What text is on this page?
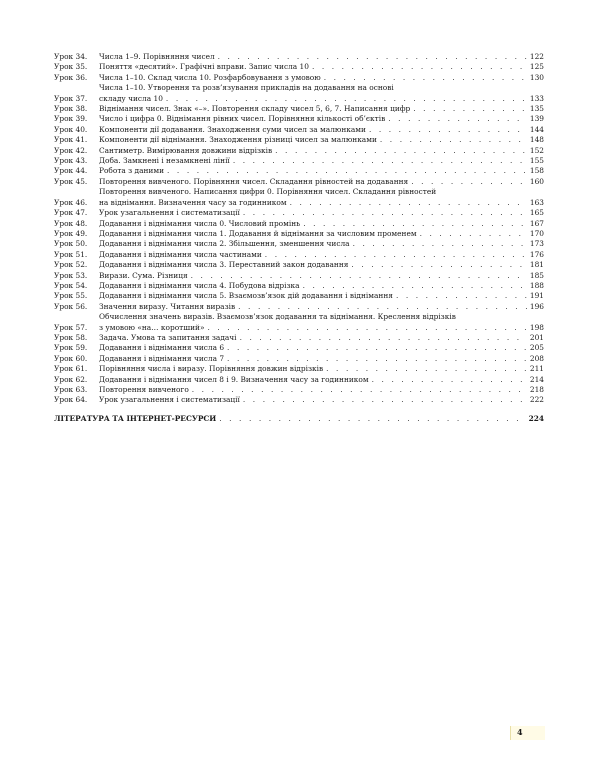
Урок 34.	Числа 1–9. Порівняння чисел . . .	122
Урок 35.	Поняття «десятий». Графічні вправи. Запис числа 10 . . .	125
Урок 36.	Числа 1–10. Склад числа 10. Розфарбовування з умовою . . .	130
Урок 37.
Числа 1–10. Утворення та розв’язування прикладів на додавання на основі
складу числа 10 . . .	133
Урок 38.	Віднімання чисел. Знак «–». Повторення складу чисел 5, 6, 7. Написання цифр . . .	135
Урок 39.	Число і цифра 0. Віднімання рівних чисел. Порівняння кількості об’єктів . . .	139
Урок 40.	Компоненти дії додавання. Знаходження суми чисел за малюнками . . .	144
Урок 41.	Компоненти дії віднімання. Знаходження різниці чисел за малюнками . . .	148
Урок 42.	Сантиметр. Вимірювання довжини відрізків . . .	152
Урок 43.	Доба. Замкнені і незамкнені лінії . . .	155
Урок 44.	Робота з даними . . .	158
Урок 45.	Повторення вивченого. Порівняння чисел. Складання рівностей на додавання . . .	160
Урок 46.
Повторення вивченого. Написання цифри 0. Порівняння чисел. Складання рівностей
на віднімання. Визначення часу за годинником . . .	163
Урок 47.	Урок узагальнення і систематизації . . .	165
Урок 48.	Додавання і віднімання числа 0. Числовий промінь . . .	167
Урок 49.	Додавання і віднімання числа 1. Додавання й віднімання за числовим променем . . .	170
Урок 50.	Додавання і віднімання числа 2. Збільшення, зменшення числа . . .	173
Урок 51.	Додавання і віднімання числа частинами . . .	176
Урок 52.	Додавання і віднімання числа 3. Переставний закон додавання . . .	181
Урок 53.	Вирази. Сума. Різниця . . .	185
Урок 54.	Додавання і віднімання числа 4. Побудова відрізка . . .	188
Урок 55.	Додавання і віднімання числа 5. Взаємозв’язок дій додавання і віднімання . . .	191
Урок 56.	Значення виразу. Читання виразів . . .	196
Урок 57.
Обчислення значень виразів. Взаємозв’язок додавання та віднімання. Креслення відрізків
з умовою «на… коротший» . . .	198
Урок 58.	Задача. Умова та запитання задачі . . .	201
Урок 59.	Додавання і віднімання числа 6 . . .	205
Урок 60.	Додавання і віднімання числа 7 . . .	208
Урок 61.	Порівняння числа і виразу. Порівняння довжин відрізків . . .	211
Урок 62.	Додавання і віднімання чисел 8 і 9. Визначення часу за годинником . . .	214
Урок 63.	Повторення вивченого . . .	218
Урок 64.	Урок узагальнення і систематизації . . .	222
ЛІТЕРАТУРА ТА ІНТЕРНЕТ-РЕСУРСИ . . .	224
4
